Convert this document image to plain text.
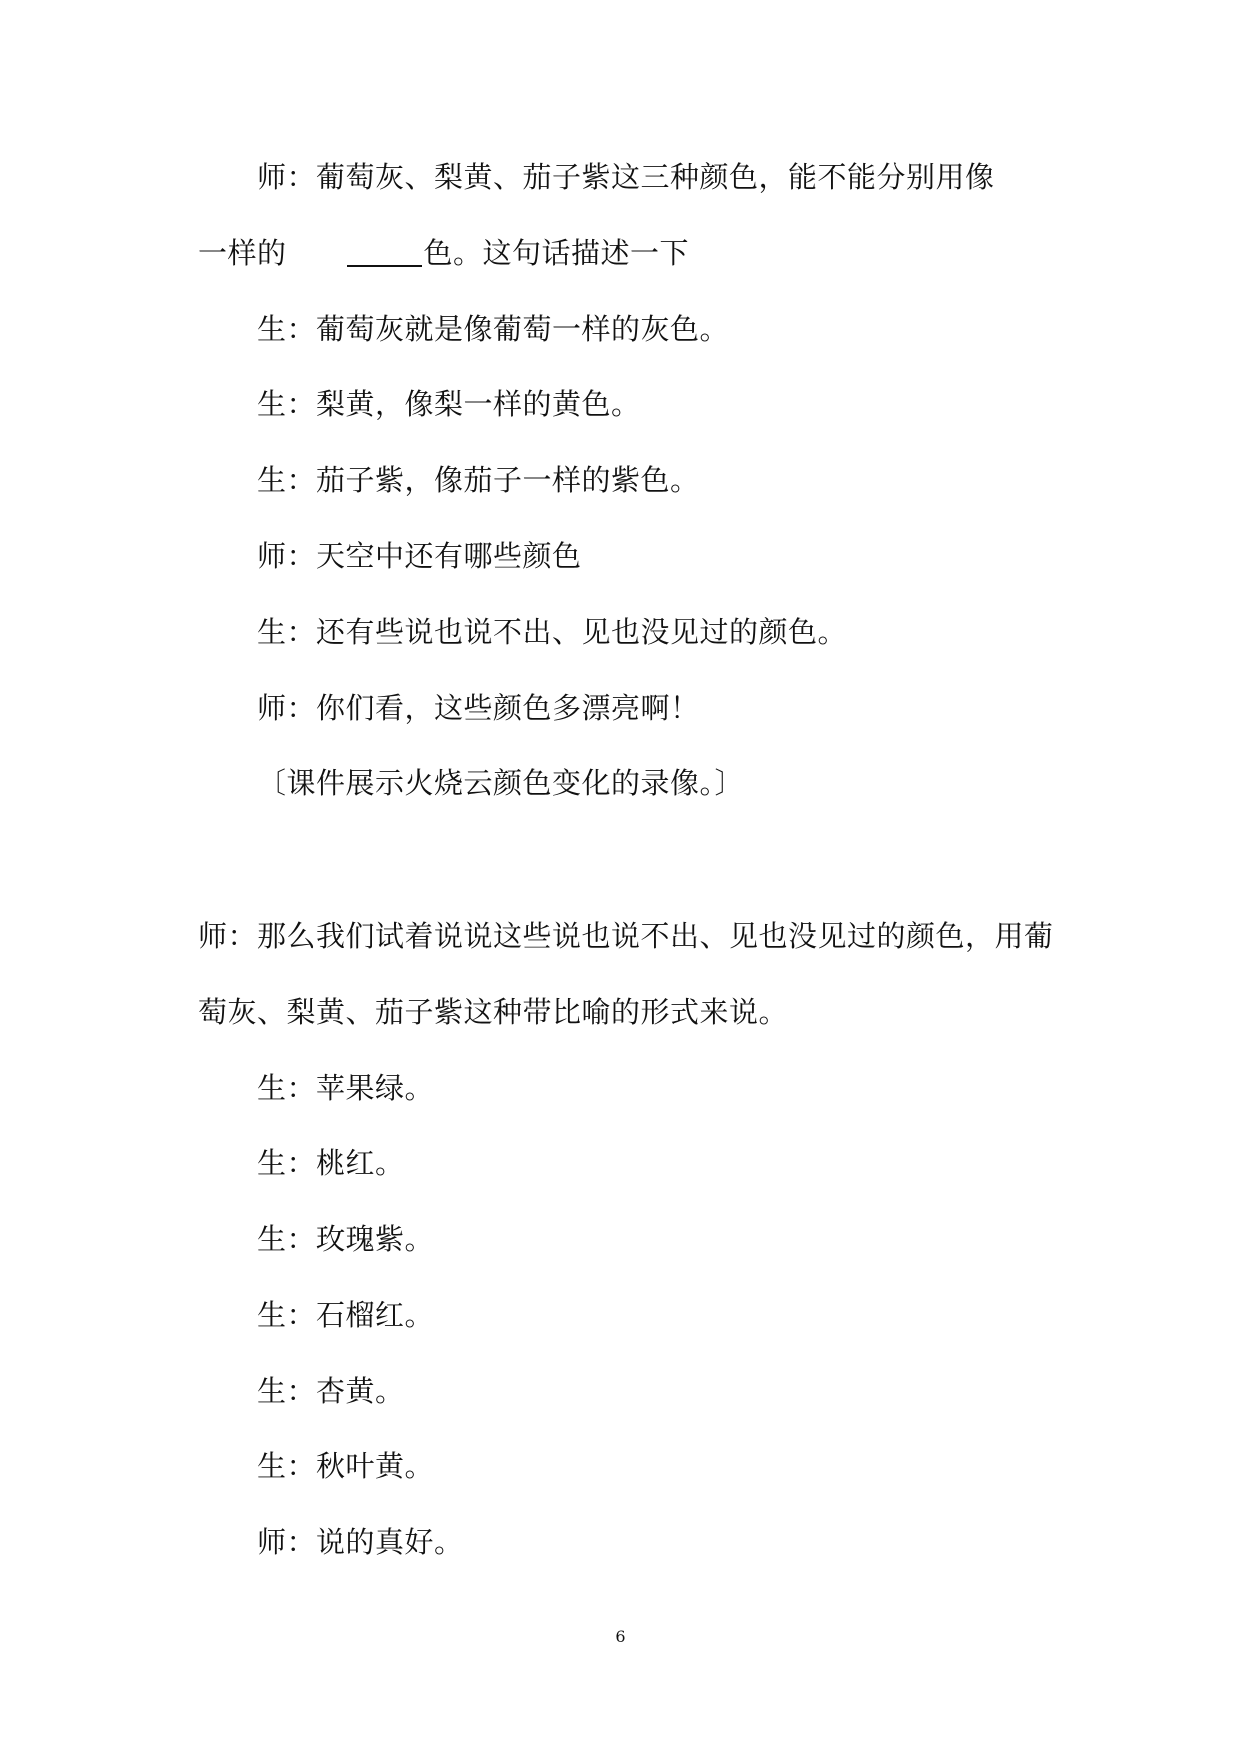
师：葡萄灰、梨黄、茄子紫这三种颜色，能不能分别用像
一样的	色。这句话描述一下
生：葡萄灰就是像葡萄一样的灰色。
生：梨黄，像梨一样的黄色。
生：茄子紫，像茄子一样的紫色。
师：天空中还有哪些颜色
生：还有些说也说不出、见也没见过的颜色。
师：你们看，这些颜色多漂亮啊！
〔课件展示火烧云颜色变化的录像。〕
师：那么我们试着说说这些说也说不出、见也没见过的颜色，用葡
萄灰、梨黄、茄子紫这种带比喻的形式来说。
生：苹果绿。
生：桃红。
生：玫瑰紫。
生：石榴红。
生：杏黄。
生：秋叶黄。
师：说的真好。
6
